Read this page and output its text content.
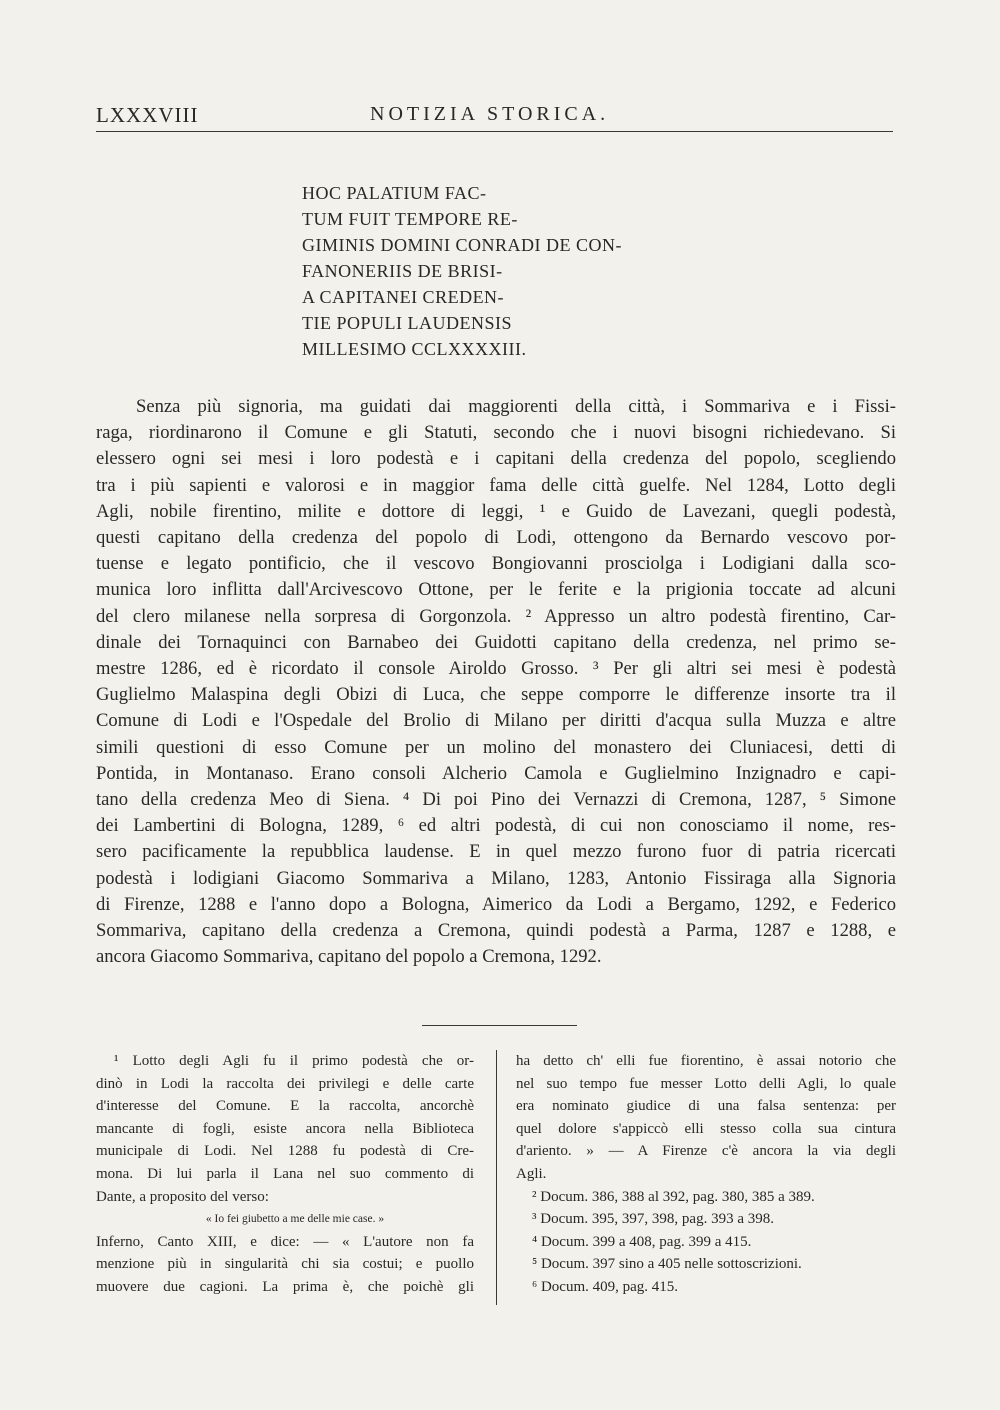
LXXXVIII	NOTIZIA STORICA.
HOC PALATIUM FAC-
TUM FUIT TEMPORE RE-
GIMINIS DOMINI CONRADI DE CON-
FANONERIIS DE BRISI-
A CAPITANEI CREDEN-
TIE POPULI LAUDENSIS
MILLESIMO CCLXXXXIII.
Senza più signoria, ma guidati dai maggiorenti della città, i Sommariva e i Fissi-
raga, riordinarono il Comune e gli Statuti, secondo che i nuovi bisogni richiedevano. Si
elessero ogni sei mesi i loro podestà e i capitani della credenza del popolo, scegliendo
tra i più sapienti e valorosi e in maggior fama delle città guelfe. Nel 1284, Lotto degli
Agli, nobile firentino, milite e dottore di leggi, ¹ e Guido de Lavezani, quegli podestà,
questi capitano della credenza del popolo di Lodi, ottengono da Bernardo vescovo por-
tuense e legato pontificio, che il vescovo Bongiovanni prosciolga i Lodigiani dalla sco-
munica loro inflitta dall'Arcivescovo Ottone, per le ferite e la prigionia toccate ad alcuni
del clero milanese nella sorpresa di Gorgonzola. ² Appresso un altro podestà firentino, Car-
dinale dei Tornaquinci con Barnabeo dei Guidotti capitano della credenza, nel primo se-
mestre 1286, ed è ricordato il console Airoldo Grosso. ³ Per gli altri sei mesi è podestà
Guglielmo Malaspina degli Obizi di Luca, che seppe comporre le differenze insorte tra il
Comune di Lodi e l'Ospedale del Brolio di Milano per diritti d'acqua sulla Muzza e altre
simili questioni di esso Comune per un molino del monastero dei Cluniacesi, detti di
Pontida, in Montanaso. Erano consoli Alcherio Camola e Guglielmino Inzignadro e capi-
tano della credenza Meo di Siena. ⁴ Di poi Pino dei Vernazzi di Cremona, 1287, ⁵ Simone
dei Lambertini di Bologna, 1289, ⁶ ed altri podestà, di cui non conosciamo il nome, res-
sero pacificamente la repubblica laudense. E in quel mezzo furono fuor di patria ricercati
podestà i lodigiani Giacomo Sommariva a Milano, 1283, Antonio Fissiraga alla Signoria
di Firenze, 1288 e l'anno dopo a Bologna, Aimerico da Lodi a Bergamo, 1292, e Federico
Sommariva, capitano della credenza a Cremona, quindi podestà a Parma, 1287 e 1288, e
ancora Giacomo Sommariva, capitano del popolo a Cremona, 1292.
¹ Lotto degli Agli fu il primo podestà che or-
dinò in Lodi la raccolta dei privilegi e delle carte
d'interesse del Comune. E la raccolta, ancorchè
mancante di fogli, esiste ancora nella Biblioteca
municipale di Lodi. Nel 1288 fu podestà di Cre-
mona. Di lui parla il Lana nel suo commento di
Dante, a proposito del verso:
« Io fei giubetto a me delle mie case. »
Inferno, Canto XIII, e dice: — « L'autore non fa
menzione più in singularità chi sia costui; e puollo
muovere due cagioni. La prima è, che poichè gli
ha detto ch' elli fue fiorentino, è assai notorio che
nel suo tempo fue messer Lotto delli Agli, lo quale
era nominato giudice di una falsa sentenza: per
quel dolore s'appiccò elli stesso colla sua cintura
d'ariento. » — A Firenze c'è ancora la via degli
Agli.
² Docum. 386, 388 al 392, pag. 380, 385 a 389.
³ Docum. 395, 397, 398, pag. 393 a 398.
⁴ Docum. 399 a 408, pag. 399 a 415.
⁵ Docum. 397 sino a 405 nelle sottoscrizioni.
⁶ Docum. 409, pag. 415.
